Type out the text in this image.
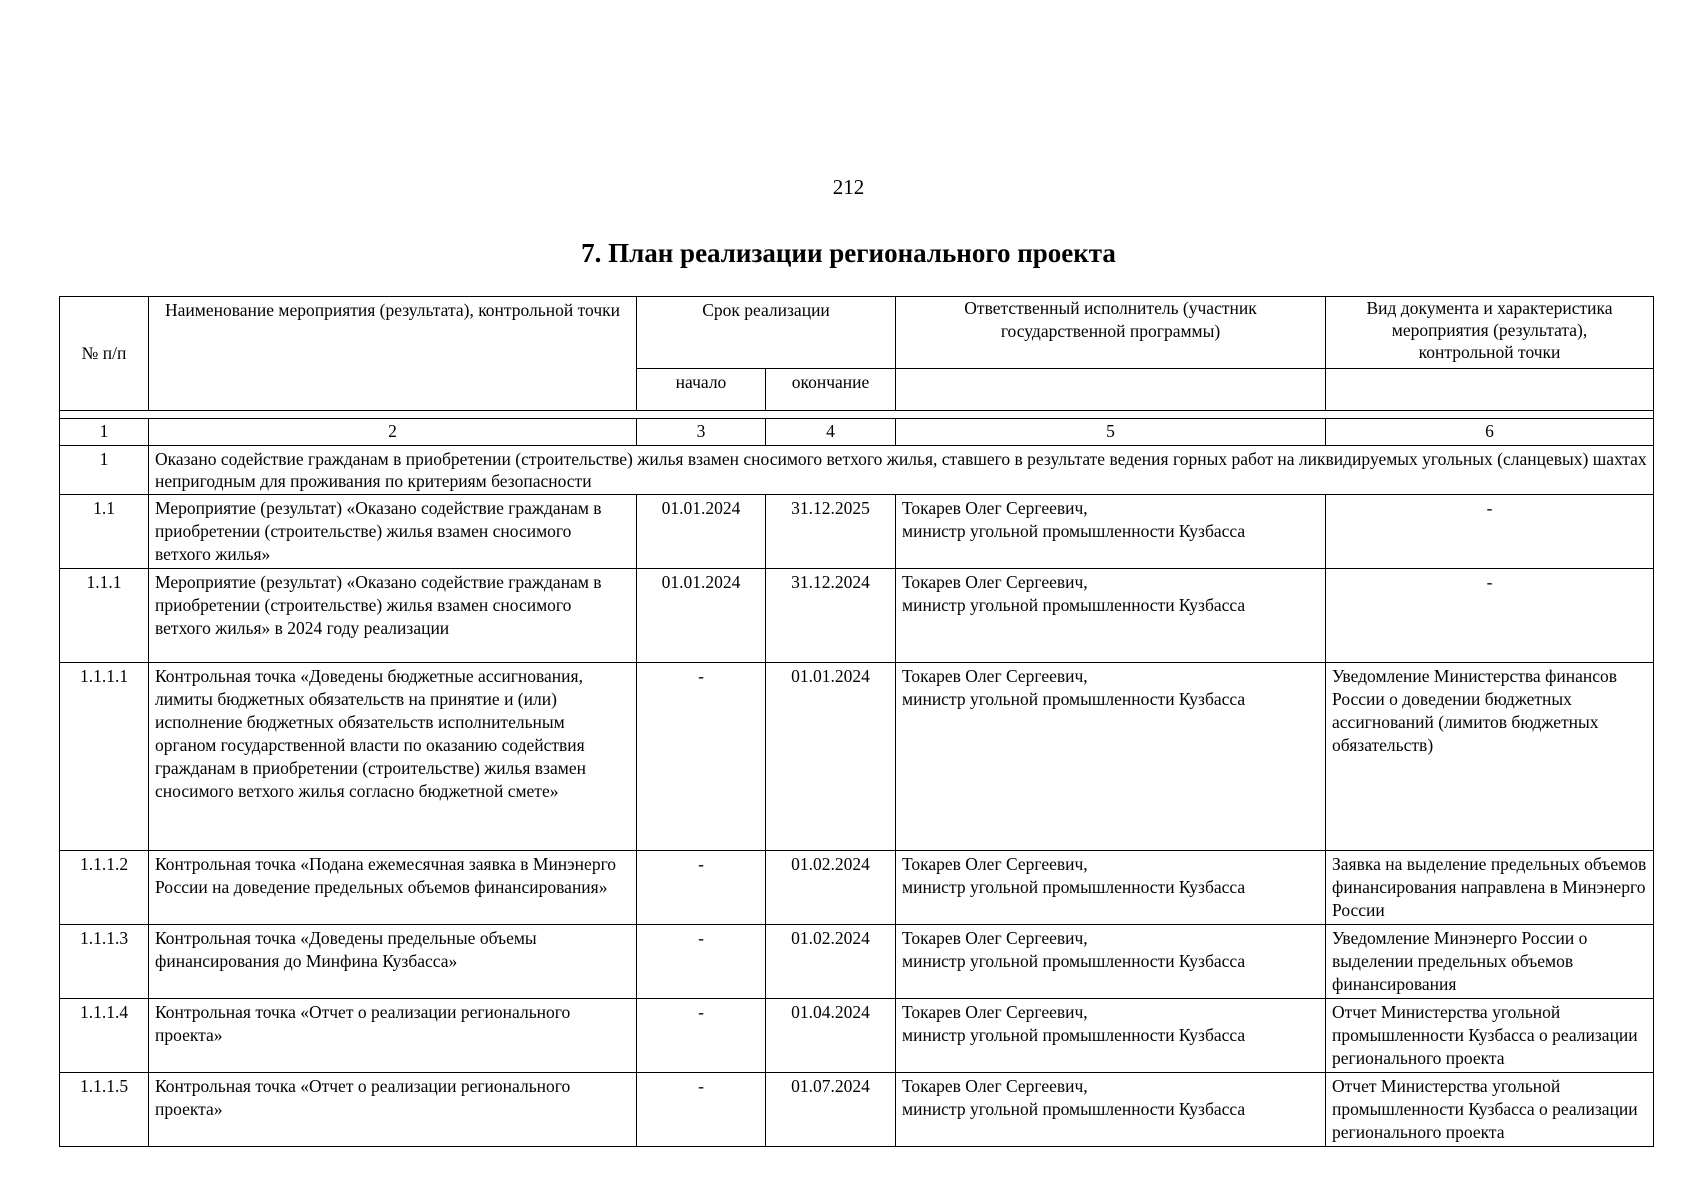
212
7. План реализации регионального проекта
№ п/п	Наименование мероприятия (результата), контрольной точки	Срок реализации		Ответственный исполнитель (участник государственной программы)	Вид документа и характеристика мероприятия (результата), контрольной точки
		начало	окончание		

1	2	3	4	5	6
1	Оказано содействие гражданам в приобретении (строительстве) жилья взамен сносимого ветхого жилья, ставшего в результате ведения горных работ на ликвидируемых угольных (сланцевых) шахтах непригодным для проживания по критериям безопасности				
1.1	Мероприятие (результат) «Оказано содействие гражданам в приобретении (строительстве) жилья взамен сносимого ветхого жилья»	01.01.2024	31.12.2025	Токарев Олег Сергеевич,
министр угольной промышленности Кузбасса	-
1.1.1	Мероприятие (результат) «Оказано содействие гражданам в приобретении (строительстве) жилья взамен сносимого ветхого жилья» в 2024 году реализации	01.01.2024	31.12.2024	Токарев Олег Сергеевич,
министр угольной промышленности Кузбасса	-
1.1.1.1	Контрольная точка «Доведены бюджетные ассигнования, лимиты бюджетных обязательств на принятие и (или) исполнение бюджетных обязательств исполнительным органом государственной власти по оказанию содействия гражданам в приобретении (строительстве) жилья взамен сносимого ветхого жилья согласно бюджетной смете»	-	01.01.2024	Токарев Олег Сергеевич,
министр угольной промышленности Кузбасса	Уведомление Министерства финансов России о доведении бюджетных ассигнований (лимитов бюджетных обязательств)
1.1.1.2	Контрольная точка «Подана ежемесячная заявка в Минэнерго России на доведение предельных объемов финансирования»	-	01.02.2024	Токарев Олег Сергеевич,
министр угольной промышленности Кузбасса	Заявка на выделение предельных объемов финансирования направлена в Минэнерго России
1.1.1.3	Контрольная точка «Доведены предельные объемы финансирования до Минфина Кузбасса»	-	01.02.2024	Токарев Олег Сергеевич,
министр угольной промышленности Кузбасса	Уведомление Минэнерго России о выделении предельных объемов финансирования
1.1.1.4	Контрольная точка «Отчет о реализации регионального проекта»	-	01.04.2024	Токарев Олег Сергеевич,
министр угольной промышленности Кузбасса	Отчет Министерства угольной промышленности Кузбасса о реализации регионального проекта
1.1.1.5	Контрольная точка «Отчет о реализации регионального проекта»	-	01.07.2024	Токарев Олег Сергеевич,
министр угольной промышленности Кузбасса	Отчет Министерства угольной промышленности Кузбасса о реализации регионального проекта
